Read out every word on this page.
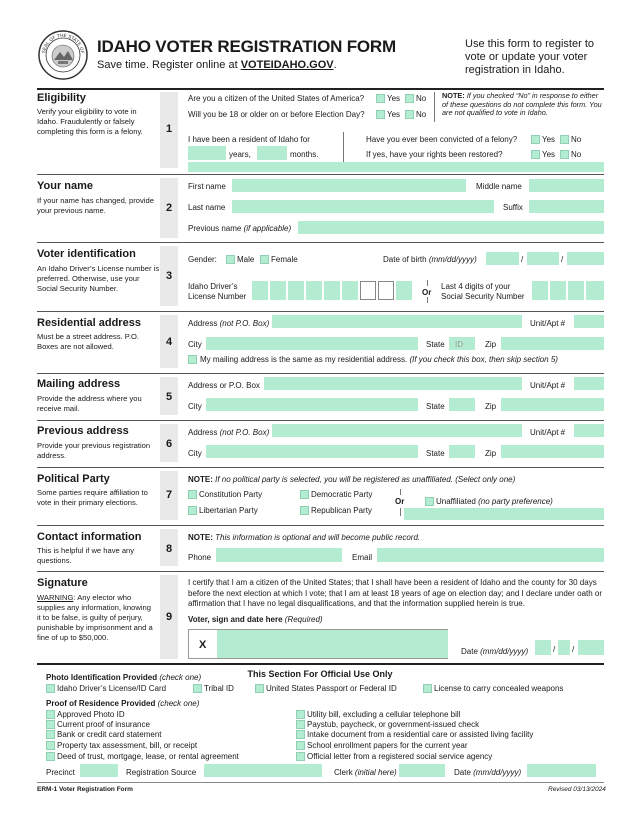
SEAL OF THE STATE OF IDAHO VOTER REGISTRATION FORM
Save time. Register online at VOTEIDAHO.GOV.
Use this form to register to vote or update your voter registration in Idaho.
1
Eligibility
Verify your eligibility to vote in Idaho. Fraudulently or falsely completing this form is a felony.
Are you a citizen of the United States of America?	Yes No
Will you be 18 or older on or before Election Day?	Yes No
NOTE: If you checked “No” in response to either of these questions do not complete this form. You are not qualified to vote in Idaho.
I have been a resident of Idaho for
years,	months.
Have you ever been convicted of a felony?	Yes No
If yes, have your rights been restored?	Yes No
2
Your name
If your name has changed, provide your previous name.
First name	Middle name
Last name	Suffix
Previous name (if applicable)
3
Voter identification
An Idaho Driver’s License number is preferred. Otherwise, use your Social Security Number.
Gender:	Male Female	Date of birth (mm/dd/yyyy)	/	/
Idaho Driver’s
License Number	Or
Last 4 digits of your
Social Security Number
4
Residential address
Must be a street address. P.O. Boxes are not allowed.
Address (not P.O. Box)	Unit/Apt #
City	State ID	Zip
My mailing address is the same as my residential address. (If you check this box, then skip section 5)
5
Mailing address
Provide the address where you receive mail.
Address or P.O. Box	Unit/Apt #
City	State	Zip
6
Previous address
Provide your previous registration address.
Address (not P.O. Box)	Unit/Apt #
City	State	Zip
7
Political Party
Some parties require affiliation to vote in their primary elections.
NOTE: If no political party is selected, you will be registered as unaffiliated. (Select only one)
Constitution Party	Democratic Party
Libertarian Party	Republican Party
Or	Unaffiliated (no party preference)
8
Contact information
This is helpful if we have any questions.
NOTE: This information is optional and will become public record.
Phone	Email
9
Signature
WARNING: Any elector who supplies any information, knowing it to be false, is guilty of perjury, punishable by imprisonment and a fine of up to $50,000.
I certify that I am a citizen of the United States; that I shall have been a resident of Idaho and the county for 30 days before the next election at which I vote; that I am at least 18 years of age on election day; and I declare under oath or affirmation that I have no legal disqualifications, and that the information supplied herein is true.
Voter, sign and date here (Required)
X
Date (mm/dd/yyyy)	/ /
This Section For Official Use Only
Photo Identification Provided (check one)
Idaho Driver’s License/ID Card	Tribal ID	United States Passport or Federal ID	License to carry concealed weapons
Proof of Residence Provided (check one)
Approved Photo ID
Current proof of insurance
Bank or credit card statement
Property tax assessment, bill, or receipt
Deed of trust, mortgage, lease, or rental agreement
Utility bill, excluding a cellular telephone bill
Paystub, paycheck, or government-issued check
Intake document from a residential care or assisted living facility
School enrollment papers for the current year
Official letter from a registered social service agency
Precinct	Registration Source	Clerk (initial here)	Date (mm/dd/yyyy)
ERM-1 Voter Registration Form	Revised 03/13/2024
